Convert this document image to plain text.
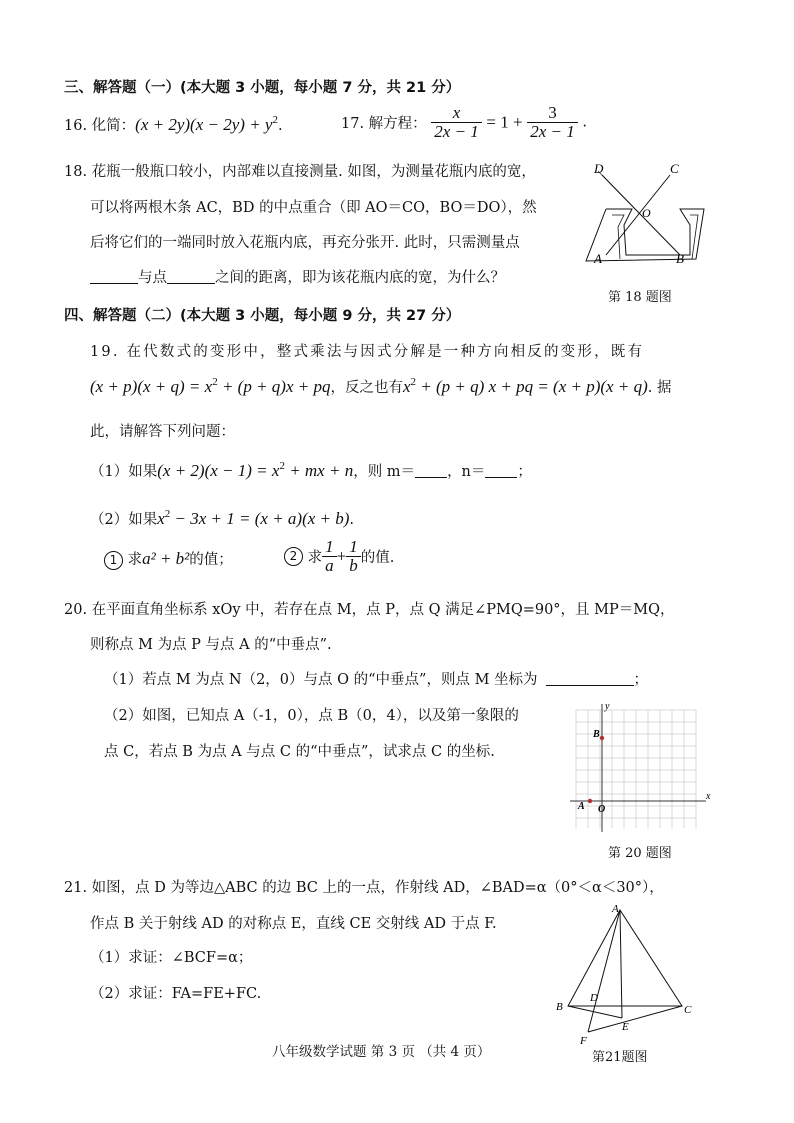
三、解答题（一）(本大题 3 小题，每小题 7 分，共 21 分）
16. 化简：$(x + 2y)(x - 2y) + y^2$.	17. 解方程： $\frac{x}{2x - 1} = 1 + \frac{3}{2x - 1}$ .
18. 花瓶一般瓶口较小，内部难以直接测量. 如图，为测量花瓶内底的宽，
可以将两根木条 AC，BD 的中点重合（即 AO＝CO，BO＝DO），然
后将它们的一端同时放入花瓶内底，再充分张开. 此时，只需测量点
与点	之间的距离，即为该花瓶内底的宽，为什么？
D	C
O
A	B
第 18 题图
四、解答题（二）(本大题 3 小题，每小题 9 分，共 27 分）
19. 在代数式的变形中，整式乘法与因式分解是一种方向相反的变形，既有
$(x + p)(x + q) = x^2 + (p + q)x$ + pq，反之也有$x^2 + (p + q) x$ + pq = (x + p)(x + q). 据
此，请解答下列问题：
（1）如果$(x + 2)(x - 1) = x^2$ + mx + n，则 m＝ ，n＝ ；
（2）如果$x^2 - 3x + 1 = (x + a)(x + b)$.
1 求a² + b²的值；	2 求 $\frac{1}{a} + \frac{1}{b}$ 的值.
20. 在平面直角坐标系 xOy 中，若存在点 M，点 P，点 Q 满足∠PMQ=90°，且 MP＝MQ，
则称点 M 为点 P 与点 A 的“中垂点”.
（1）若点 M 为点 N（2，0）与点 O 的“中垂点”，则点 M 坐标为	；
（2）如图，已知点 A（-1，0），点 B（0，4），以及第一象限的
点 C，若点 B 为点 A 与点 C 的“中垂点”，试求点 C 的坐标.
x
y
B
A O
第 20 题图
21. 如图，点 D 为等边△ABC 的边 BC 上的一点，作射线 AD，∠BAD=α（0°＜α＜30°），
作点 B 关于射线 AD 的对称点 E，直线 CE 交射线 AD 于点 F.
（1）求证：∠BCF=α；
（2）求证：FA=FE+FC.
A
B	C
D
E
F
第21题图
八年级数学试题 第 3 页 （共 4 页）
